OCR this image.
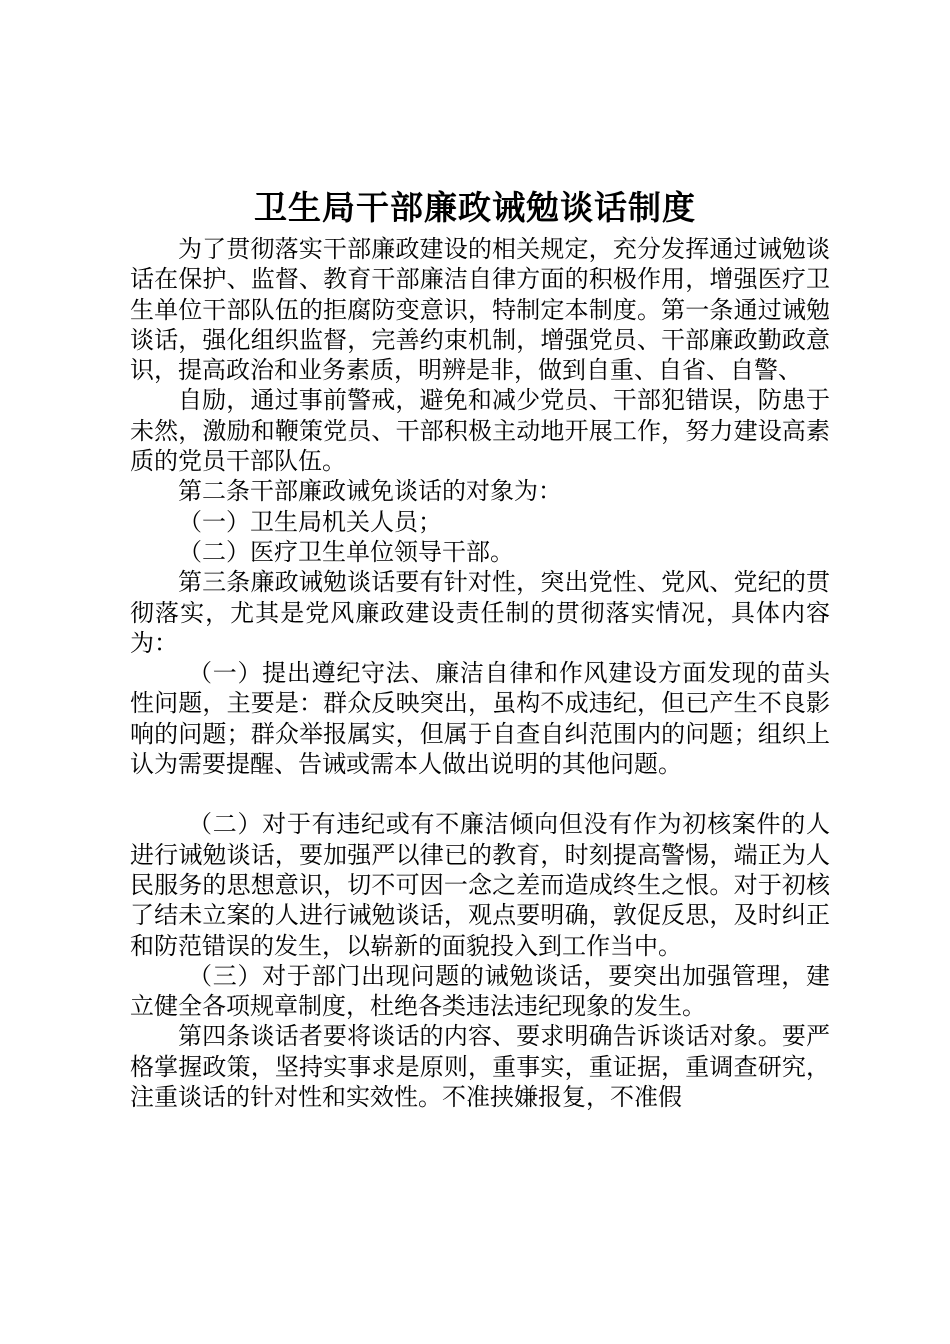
卫生局干部廉政诫勉谈话制度

为了贯彻落实干部廉政建设的相关规定，充分发挥通过诫勉谈话在保护、监督、教育干部廉洁自律方面的积极作用，增强医疗卫生单位干部队伍的拒腐防变意识，特制定本制度。第一条通过诫勉谈话，强化组织监督，完善约束机制，增强党员、干部廉政勤政意识，提高政治和业务素质，明辨是非，做到自重、自省、自警、

自励，通过事前警戒，避免和减少党员、干部犯错误，防患于未然，激励和鞭策党员、干部积极主动地开展工作，努力建设高素质的党员干部队伍。

第二条干部廉政诫免谈话的对象为：

（一）卫生局机关人员；

（二）医疗卫生单位领导干部。

第三条廉政诫勉谈话要有针对性，突出党性、党风、党纪的贯彻落实，尤其是党风廉政建设责任制的贯彻落实情况，具体内容为：

（一）提出遵纪守法、廉洁自律和作风建设方面发现的苗头性问题，主要是：群众反映突出，虽构不成违纪，但已产生不良影响的问题；群众举报属实，但属于自查自纠范围内的问题；组织上认为需要提醒、告诫或需本人做出说明的其他问题。

（二）对于有违纪或有不廉洁倾向但没有作为初核案件的人进行诫勉谈话，要加强严以律已的教育，时刻提高警惕，端正为人民服务的思想意识，切不可因一念之差而造成终生之恨。对于初核了结未立案的人进行诫勉谈话，观点要明确，敦促反思，及时纠正和防范错误的发生，以崭新的面貌投入到工作当中。

（三）对于部门出现问题的诫勉谈话，要突出加强管理，建立健全各项规章制度，杜绝各类违法违纪现象的发生。

第四条谈话者要将谈话的内容、要求明确告诉谈话对象。要严格掌握政策，坚持实事求是原则，重事实，重证据，重调查研究，注重谈话的针对性和实效性。不准挟嫌报复，不准假
